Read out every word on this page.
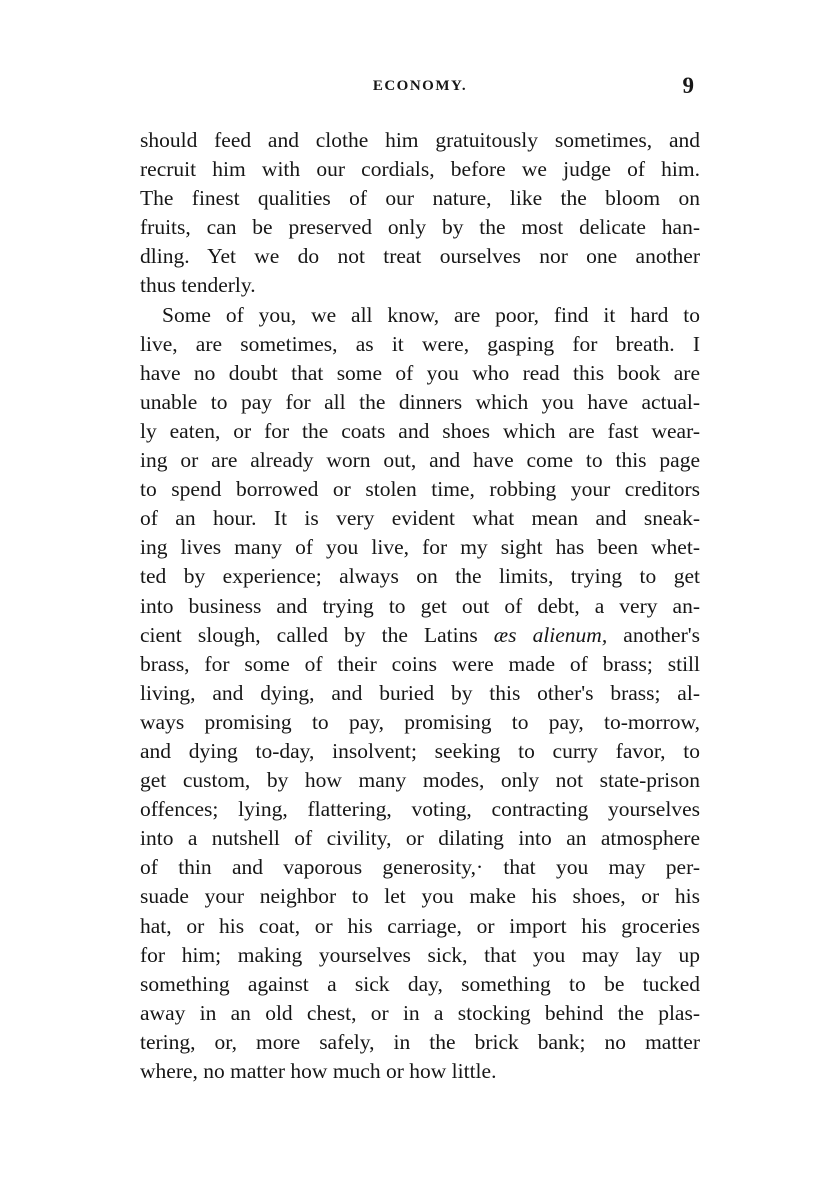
ECONOMY.	9
should feed and clothe him gratuitously sometimes, and
recruit him with our cordials, before we judge of him.
The finest qualities of our nature, like the bloom on
fruits, can be preserved only by the most delicate han-
dling. Yet we do not treat ourselves nor one another
thus tenderly.
Some of you, we all know, are poor, find it hard to
live, are sometimes, as it were, gasping for breath. I
have no doubt that some of you who read this book are
unable to pay for all the dinners which you have actual-
ly eaten, or for the coats and shoes which are fast wear-
ing or are already worn out, and have come to this page
to spend borrowed or stolen time, robbing your creditors
of an hour. It is very evident what mean and sneak-
ing lives many of you live, for my sight has been whet-
ted by experience; always on the limits, trying to get
into business and trying to get out of debt, a very an-
cient slough, called by the Latins æs alienum, another's
brass, for some of their coins were made of brass; still
living, and dying, and buried by this other's brass; al-
ways promising to pay, promising to pay, to-morrow,
and dying to-day, insolvent; seeking to curry favor, to
get custom, by how many modes, only not state-prison
offences; lying, flattering, voting, contracting yourselves
into a nutshell of civility, or dilating into an atmosphere
of thin and vaporous generosity,· that you may per-
suade your neighbor to let you make his shoes, or his
hat, or his coat, or his carriage, or import his groceries
for him; making yourselves sick, that you may lay up
something against a sick day, something to be tucked
away in an old chest, or in a stocking behind the plas-
tering, or, more safely, in the brick bank; no matter
where, no matter how much or how little.
